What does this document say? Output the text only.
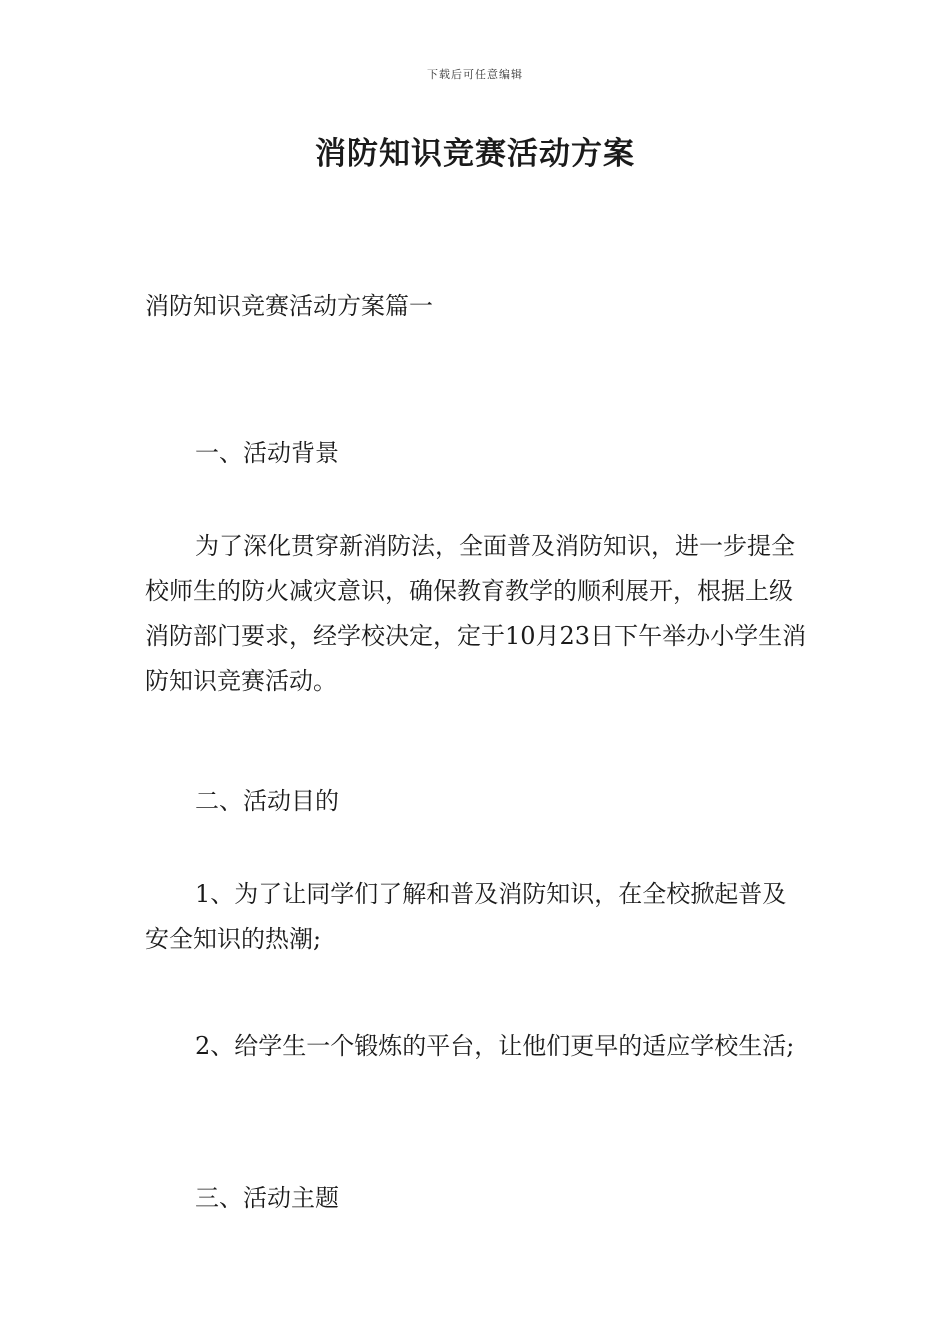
下载后可任意编辑
消防知识竞赛活动方案

消防知识竞赛活动方案篇一

一、活动背景

为了深化贯穿新消防法，全面普及消防知识，进一步提全校师生的防火减灾意识，确保教育教学的顺利展开，根据上级消防部门要求，经学校决定，定于10月23日下午举办小学生消防知识竞赛活动。

二、活动目的

1、为了让同学们了解和普及消防知识，在全校掀起普及安全知识的热潮;

2、给学生一个锻炼的平台，让他们更早的适应学校生活;

三、活动主题
